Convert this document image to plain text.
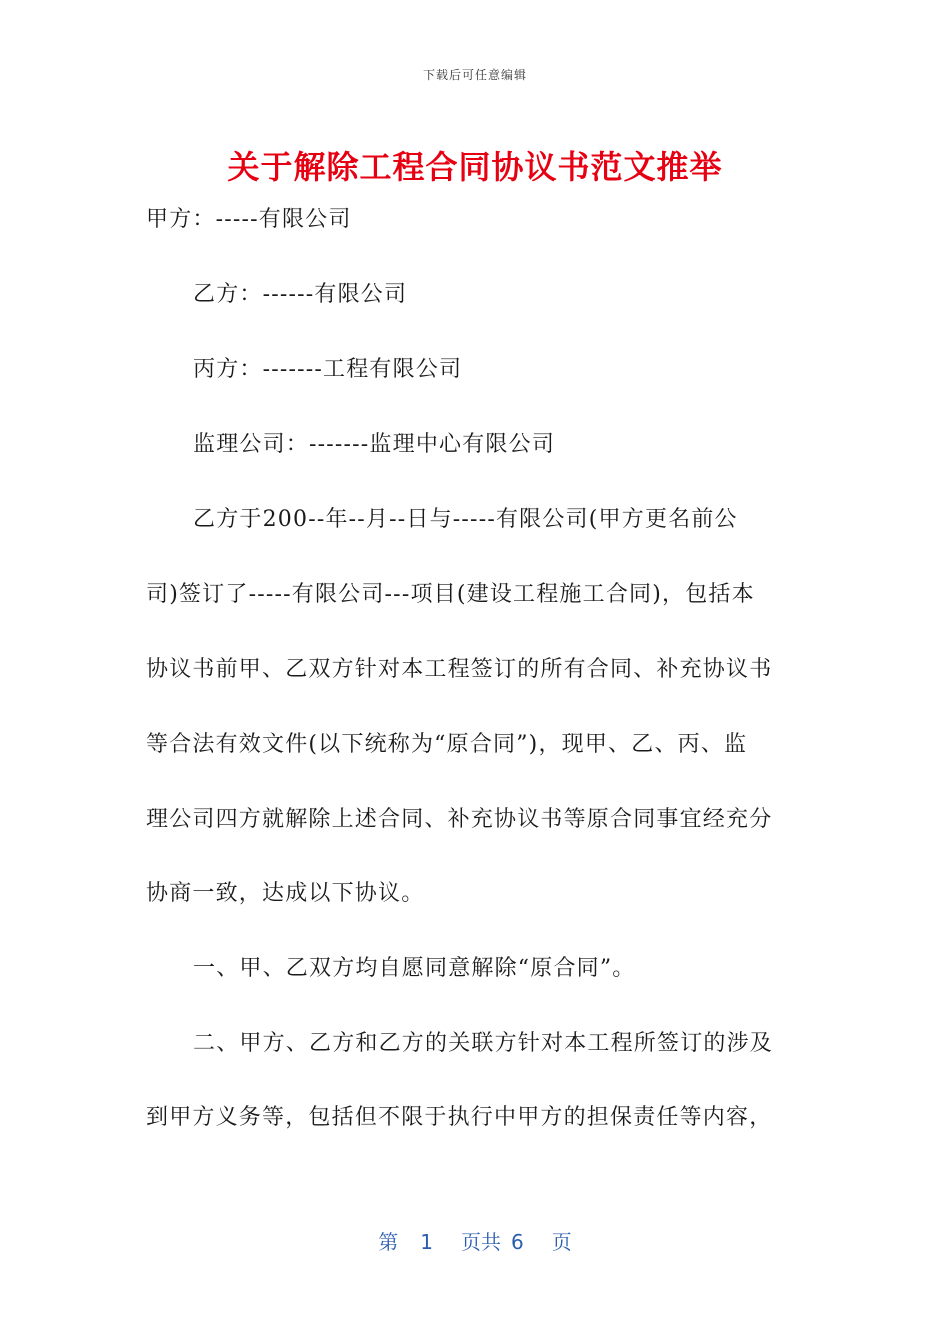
下载后可任意编辑
关于解除工程合同协议书范文推举
甲方：-----有限公司
乙方：------有限公司
丙方：-------工程有限公司
监理公司：-------监理中心有限公司
乙方于200--年--月--日与-----有限公司(甲方更名前公
司)签订了-----有限公司---项目(建设工程施工合同)，包括本
协议书前甲、乙双方针对本工程签订的所有合同、补充协议书
等合法有效文件(以下统称为“原合同”)，现甲、乙、丙、监
理公司四方就解除上述合同、补充协议书等原合同事宜经充分
协商一致，达成以下协议。
一、甲、乙双方均自愿同意解除“原合同”。
二、甲方、乙方和乙方的关联方针对本工程所签订的涉及
到甲方义务等，包括但不限于执行中甲方的担保责任等内容，
第 1 页共 6 页
